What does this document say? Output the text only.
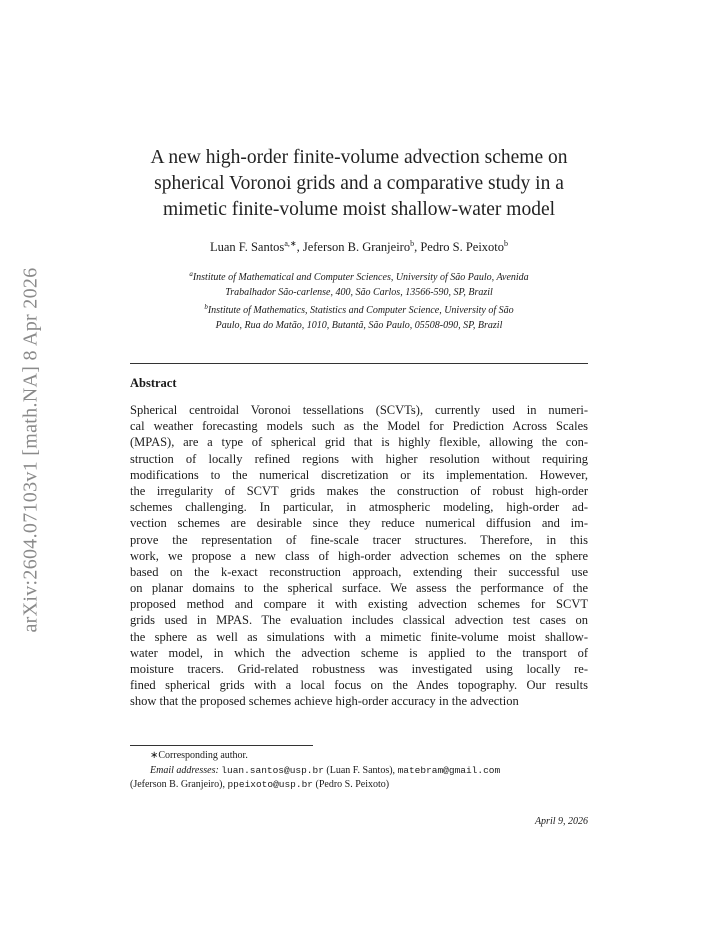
arXiv:2604.07103v1 [math.NA] 8 Apr 2026
A new high-order finite-volume advection scheme on
spherical Voronoi grids and a comparative study in a
mimetic finite-volume moist shallow-water model
Luan F. Santos$^{a,∗}$, Jeferson B. Granjeiro$^b$, Pedro S. Peixoto$^b$
$^a$Institute of Mathematical and Computer Sciences, University of São Paulo, Avenida
Trabalhador São-carlense, 400, São Carlos, 13566-590, SP, Brazil
$^b$Institute of Mathematics, Statistics and Computer Science, University of São
Paulo, Rua do Matão, 1010, Butantã, São Paulo, 05508-090, SP, Brazil
Abstract
Spherical centroidal Voronoi tessellations (SCVTs), currently used in numeri-
cal weather forecasting models such as the Model for Prediction Across Scales
(MPAS), are a type of spherical grid that is highly flexible, allowing the con-
struction of locally refined regions with higher resolution without requiring
modifications to the numerical discretization or its implementation. However,
the irregularity of SCVT grids makes the construction of robust high-order
schemes challenging. In particular, in atmospheric modeling, high-order ad-
vection schemes are desirable since they reduce numerical diffusion and im-
prove the representation of fine-scale tracer structures. Therefore, in this
work, we propose a new class of high-order advection schemes on the sphere
based on the k-exact reconstruction approach, extending their successful use
on planar domains to the spherical surface. We assess the performance of the
proposed method and compare it with existing advection schemes for SCVT
grids used in MPAS. The evaluation includes classical advection test cases on
the sphere as well as simulations with a mimetic finite-volume moist shallow-
water model, in which the advection scheme is applied to the transport of
moisture tracers. Grid-related robustness was investigated using locally re-
fined spherical grids with a local focus on the Andes topography. Our results
show that the proposed schemes achieve high-order accuracy in the advection
∗Corresponding author.
Email addresses: luan.santos@usp.br (Luan F. Santos), matebram@gmail.com
(Jeferson B. Granjeiro), ppeixoto@usp.br (Pedro S. Peixoto)
April 9, 2026
